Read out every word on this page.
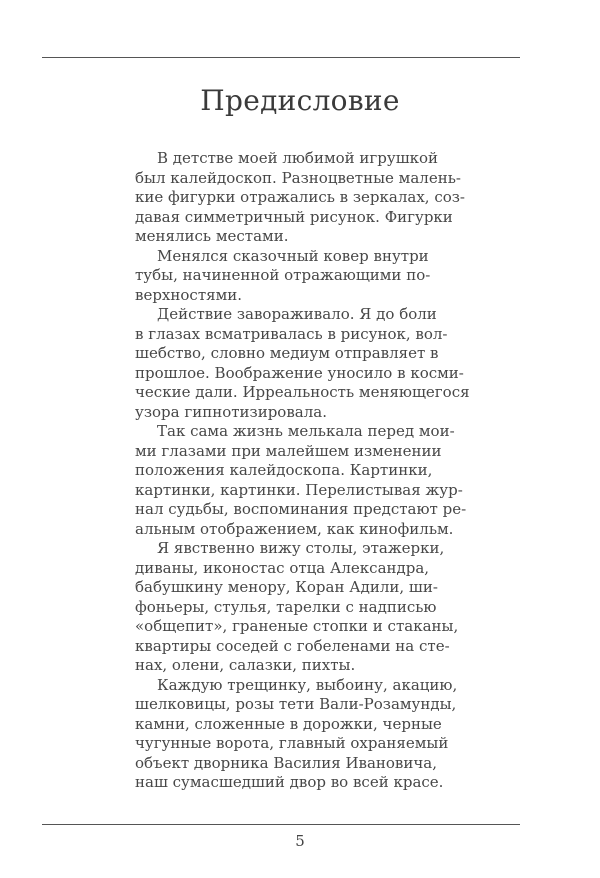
Предисловие
В детстве моей любимой игрушкой
был калейдоскоп. Разноцветные малень-
кие фигурки отражались в зеркалах, соз-
давая симметричный рисунок. Фигурки
менялись местами.
Менялся сказочный ковер внутри
тубы, начиненной отражающими по-
верхностями.
Действие завораживало. Я до боли
в глазах всматривалась в рисунок, вол-
шебство, словно медиум отправляет в
прошлое. Воображение уносило в косми-
ческие дали. Ирреальность меняющегося
узора гипнотизировала.
Так сама жизнь мелькала перед мои-
ми глазами при малейшем изменении
положения калейдоскопа. Картинки,
картинки, картинки. Перелистывая жур-
нал судьбы, воспоминания предстают ре-
альным отображением, как кинофильм.
Я явственно вижу столы, этажерки,
диваны, иконостас отца Александра,
бабушкину менору, Коран Адили, ши-
фоньеры, стулья, тарелки с надписью
«общепит», граненые стопки и стаканы,
квартиры соседей с гобеленами на сте-
нах, олени, салазки, пихты.
Каждую трещинку, выбоину, акацию,
шелковицы, розы тети Вали-Розамунды,
камни, сложенные в дорожки, черные
чугунные ворота, главный охраняемый
объект дворника Василия Ивановича,
наш сумасшедший двор во всей красе.
5
